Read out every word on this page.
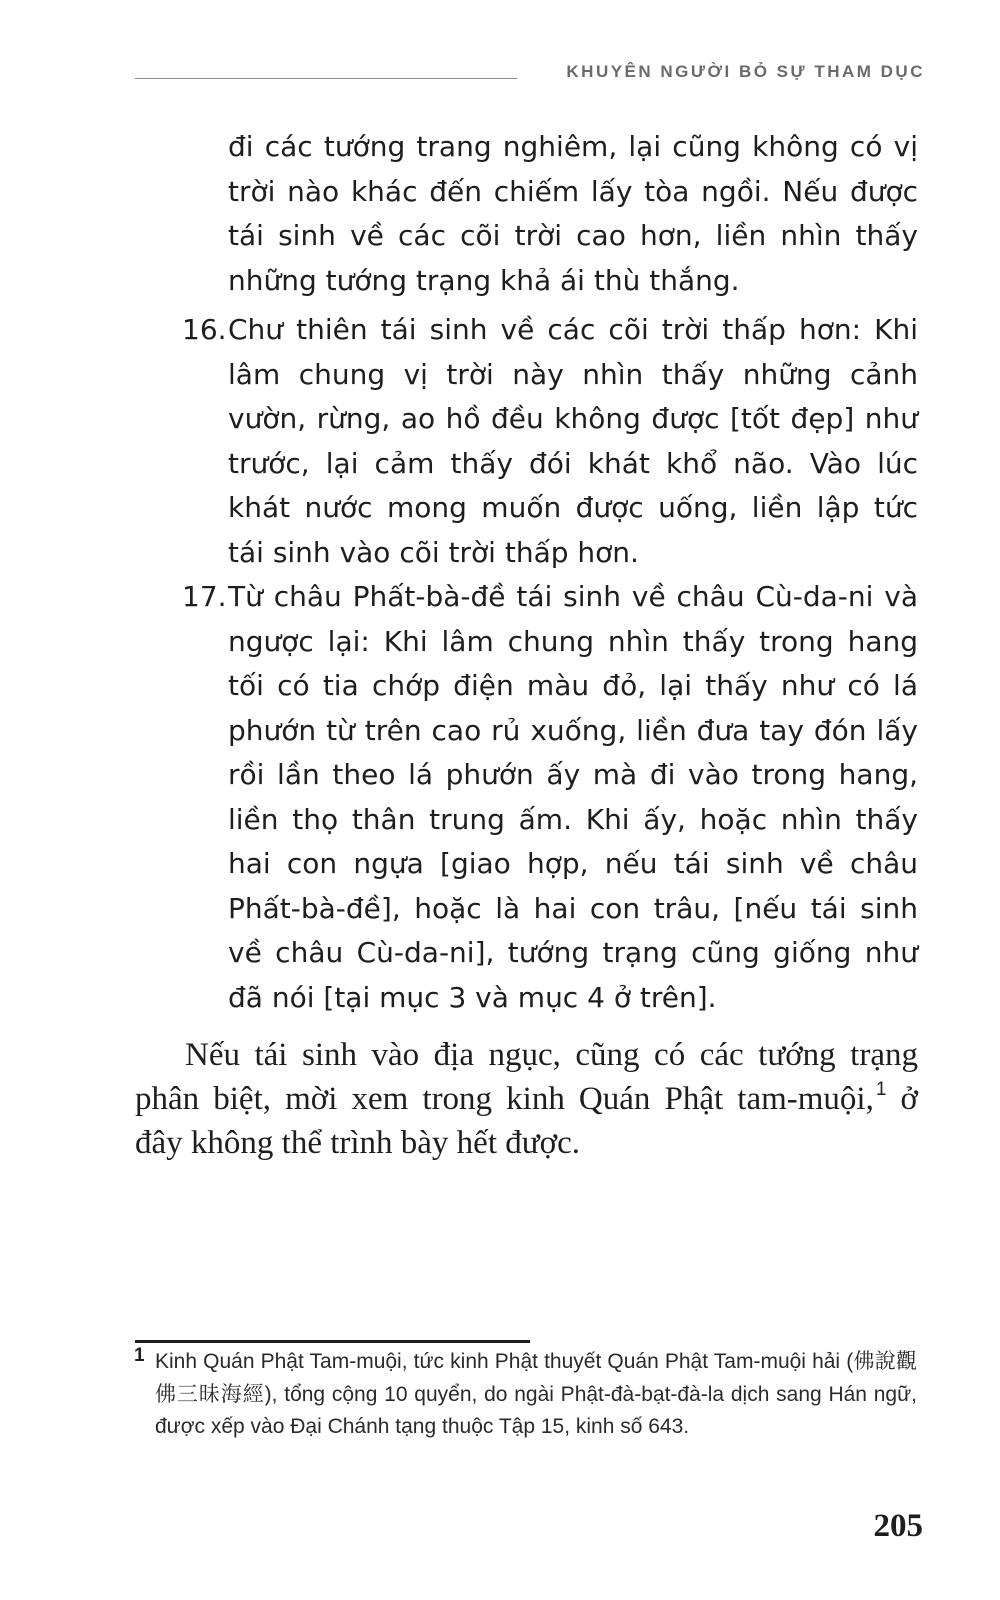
KHUYÊN NGƯỜI BỎ SỰ THAM DỤC
đi các tướng trang nghiêm, lại cũng không có vị trời nào khác đến chiếm lấy tòa ngồi. Nếu được tái sinh về các cõi trời cao hơn, liền nhìn thấy những tướng trạng khả ái thù thắng.
16. Chư thiên tái sinh về các cõi trời thấp hơn: Khi lâm chung vị trời này nhìn thấy những cảnh vườn, rừng, ao hồ đều không được [tốt đẹp] như trước, lại cảm thấy đói khát khổ não. Vào lúc khát nước mong muốn được uống, liền lập tức tái sinh vào cõi trời thấp hơn.
17. Từ châu Phất-bà-đề tái sinh về châu Cù-da-ni và ngược lại: Khi lâm chung nhìn thấy trong hang tối có tia chớp điện màu đỏ, lại thấy như có lá phướn từ trên cao rủ xuống, liền đưa tay đón lấy rồi lần theo lá phướn ấy mà đi vào trong hang, liền thọ thân trung ấm. Khi ấy, hoặc nhìn thấy hai con ngựa [giao hợp, nếu tái sinh về châu Phất-bà-đề], hoặc là hai con trâu, [nếu tái sinh về châu Cù-da-ni], tướng trạng cũng giống như đã nói [tại mục 3 và mục 4 ở trên].
Nếu tái sinh vào địa ngục, cũng có các tướng trạng phân biệt, mời xem trong kinh Quán Phật tam-muội, $^1$ ở đây không thể trình bày hết được.
1 Kinh Quán Phật Tam-muội, tức kinh Phật thuyết Quán Phật Tam-muội hải (佛說觀佛三昧海經), tổng cộng 10 quyển, do ngài Phật-đà-bạt-đà-la dịch sang Hán ngữ, được xếp vào Đại Chánh tạng thuộc Tập 15, kinh số 643.
205
